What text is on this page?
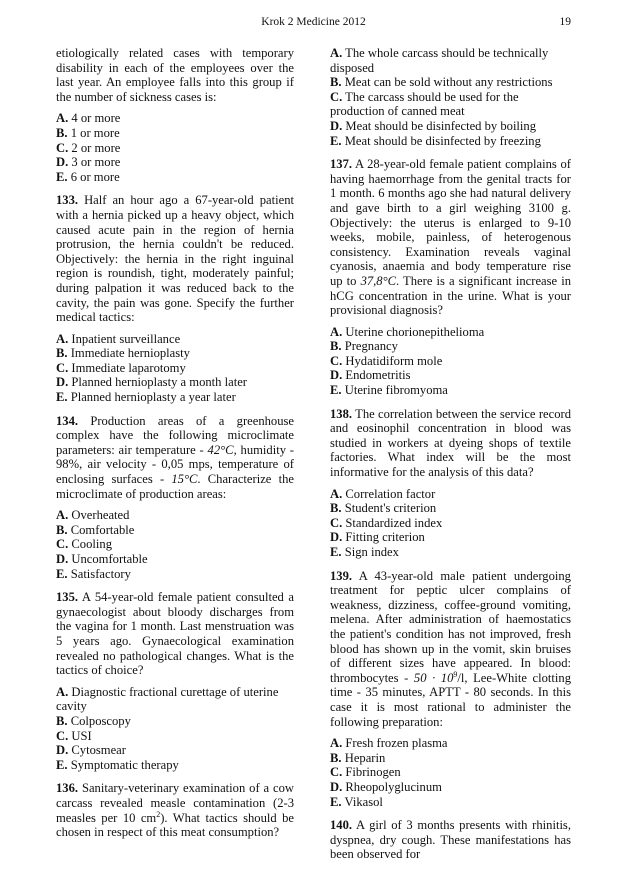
Krok 2 Medicine 2012	19

etiologically related cases with temporary disability in each of the employees over the last year. An employee falls into this group if the number of sickness cases is:

A. 4 or more

B. 1 or more

C. 2 or more

D. 3 or more

E. 6 or more

133. Half an hour ago a 67-year-old patient with a hernia picked up a heavy object, which caused acute pain in the region of hernia protrusion, the hernia couldn't be reduced. Objectively: the hernia in the right inguinal region is roundish, tight, moderately painful; during palpation it was reduced back to the cavity, the pain was gone. Specify the further medical tactics:

A. Inpatient surveillance

B. Immediate hernioplasty

C. Immediate laparotomy

D. Planned hernioplasty a month later

E. Planned hernioplasty a year later

134. Production areas of a greenhouse complex have the following microclimate parameters: air temperature - 42°C, humidity - 98%, air velocity - 0,05 mps, temperature of enclosing surfaces - 15°C. Characterize the microclimate of production areas:

A. Overheated

B. Comfortable

C. Cooling

D. Uncomfortable

E. Satisfactory

135. A 54-year-old female patient consulted a gynaecologist about bloody discharges from the vagina for 1 month. Last menstruation was 5 years ago. Gynaecological examination revealed no pathological changes. What is the tactics of choice?

A. Diagnostic fractional curettage of uterine cavity

B. Colposcopy

C. USI

D. Cytosmear

E. Symptomatic therapy

136. Sanitary-veterinary examination of a cow carcass revealed measle contamination (2-3 measles per 10 $cm^2$). What tactics should be chosen in respect of this meat consumption?

A. The whole carcass should be technically disposed

B. Meat can be sold without any restrictions

C. The carcass should be used for the production of canned meat

D. Meat should be disinfected by boiling

E. Meat should be disinfected by freezing

137. A 28-year-old female patient complains of having haemorrhage from the genital tracts for 1 month. 6 months ago she had natural delivery and gave birth to a girl weighing 3100 g. Objectively: the uterus is enlarged to 9-10 weeks, mobile, painless, of heterogenous consistency. Examination reveals vaginal cyanosis, anaemia and body temperature rise up to 37,8°C. There is a significant increase in hCG concentration in the urine. What is your provisional diagnosis?

A. Uterine chorionepithelioma

B. Pregnancy

C. Hydatidiform mole

D. Endometritis

E. Uterine fibromyoma

138. The correlation between the service record and eosinophil concentration in blood was studied in workers at dyeing shops of textile factories. What index will be the most informative for the analysis of this data?

A. Correlation factor

B. Student's criterion

C. Standardized index

D. Fitting criterion

E. Sign index

139. A 43-year-old male patient undergoing treatment for peptic ulcer complains of weakness, dizziness, coffee-ground vomiting, melena. After administration of haemostatics the patient's condition has not improved, fresh blood has shown up in the vomit, skin bruises of different sizes have appeared. In blood: thrombocytes - $50 \cdot 10^9/l$, Lee-White clotting time - 35 minutes, APTT - 80 seconds. In this case it is most rational to administer the following preparation:

A. Fresh frozen plasma

B. Heparin

C. Fibrinogen

D. Rheopolyglucinum

E. Vikasol

140. A girl of 3 months presents with rhinitis, dyspnea, dry cough. These manifestations has been observed for
